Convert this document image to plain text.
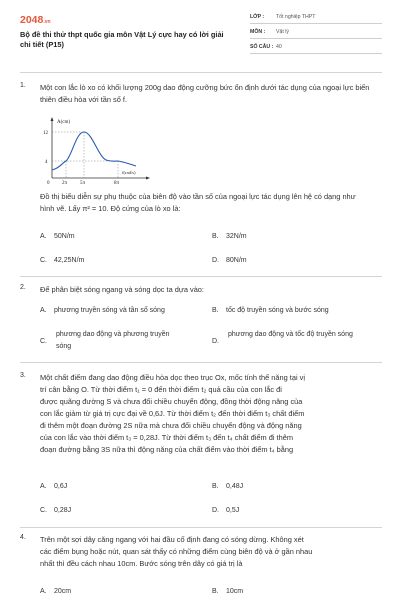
2048.vn
Bộ đề thi thử thpt quốc gia môn Vật Lý cực hay có lời giải chi tiết (P15)
LỚP : Tốt nghiệp THPT
MÔN : Vật lý
SỐ CÂU : 40
1. Một con lắc lò xo có khối lượng 200g dao động cưỡng bức ổn định dưới tác dụng của ngoại lực biến thiên điều hòa với tần số f.
A(cm)
f(rad/s)
12
4
0	2π	5π	8π
Đồ thị biểu diễn sự phụ thuộc của biên độ vào tần số của ngoại lực tác dụng lên hệ có dạng như hình vẽ. Lấy π² = 10. Độ cứng của lò xo là:
A. 50N/m	B. 32N/m
C. 42,25N/m	D. 80N/m
2. Để phân biệt sóng ngang và sóng dọc ta dựa vào:
A. phương truyền sóng và tần số sóng	B. tốc độ truyền sóng và bước sóng
C.
phương dao động và phương truyền sóng
D.
phương dao động và tốc độ truyền sóng
3. Một chất điểm đang dao động điều hòa dọc theo trục Ox, mốc tính thế năng tại vị
trí cân bằng O. Từ thời điểm t₁ = 0 đến thời điểm t₂ quả cầu của con lắc đi
được quãng đường S và chưa đổi chiều chuyển động, đồng thời động năng của
con lắc giảm từ giá trị cực đại về 0,6J. Từ thời điểm t₂ đến thời điểm t₃ chất điểm
đi thêm một đoạn đường 2S nữa mà chưa đổi chiều chuyển động và động năng
của con lắc vào thời điểm t₃ = 0,28J. Từ thời điểm t₃ đến t₄ chất điểm đi thêm
đoạn đường bằng 3S nữa thì động năng của chất điểm vào thời điểm t₄ bằng
A. 0,6J	B. 0,48J
C. 0,28J	D. 0,5J
4. Trên một sợi dây căng ngang với hai đầu cố định đang có sóng dừng. Không xét
các điểm bụng hoặc nút, quan sát thấy có những điểm cùng biên độ và ở gần nhau
nhất thì đều cách nhau 10cm. Bước sóng trên dây có giá trị là
A. 20cm	B. 10cm
